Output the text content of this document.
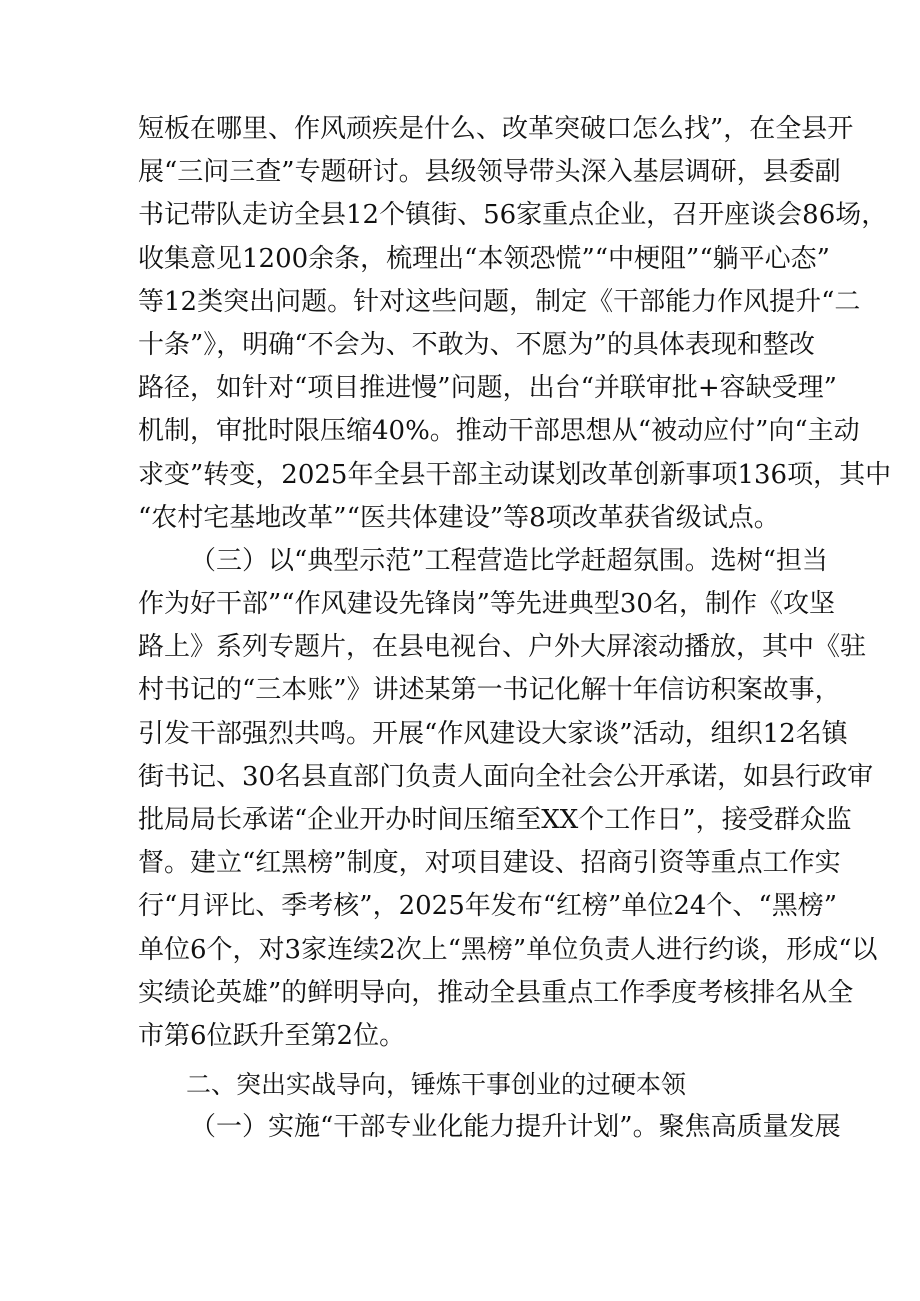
短板在哪里、作风顽疾是什么、改革突破口怎么找”，在全县开
展“三问三查”专题研讨。县级领导带头深入基层调研，县委副
书记带队走访全县12个镇街、56家重点企业，召开座谈会86场，
收集意见1200余条，梳理出“本领恐慌”“中梗阻”“躺平心态”
等12类突出问题。针对这些问题，制定《干部能力作风提升“二
十条”》，明确“不会为、不敢为、不愿为”的具体表现和整改
路径，如针对“项目推进慢”问题，出台“并联审批+容缺受理”
机制，审批时限压缩40%。推动干部思想从“被动应付”向“主动
求变”转变，2025年全县干部主动谋划改革创新事项136项，其中
“农村宅基地改革”“医共体建设”等8项改革获省级试点。
（三）以“典型示范”工程营造比学赶超氛围。选树“担当
作为好干部”“作风建设先锋岗”等先进典型30名，制作《攻坚
路上》系列专题片，在县电视台、户外大屏滚动播放，其中《驻
村书记的“三本账”》讲述某第一书记化解十年信访积案故事，
引发干部强烈共鸣。开展“作风建设大家谈”活动，组织12名镇
街书记、30名县直部门负责人面向全社会公开承诺，如县行政审
批局局长承诺“企业开办时间压缩至XX个工作日”，接受群众监
督。建立“红黑榜”制度，对项目建设、招商引资等重点工作实
行“月评比、季考核”，2025年发布“红榜”单位24个、“黑榜”
单位6个，对3家连续2次上“黑榜”单位负责人进行约谈，形成“以
实绩论英雄”的鲜明导向，推动全县重点工作季度考核排名从全
市第6位跃升至第2位。
二、突出实战导向，锤炼干事创业的过硬本领
（一）实施“干部专业化能力提升计划”。聚焦高质量发展
